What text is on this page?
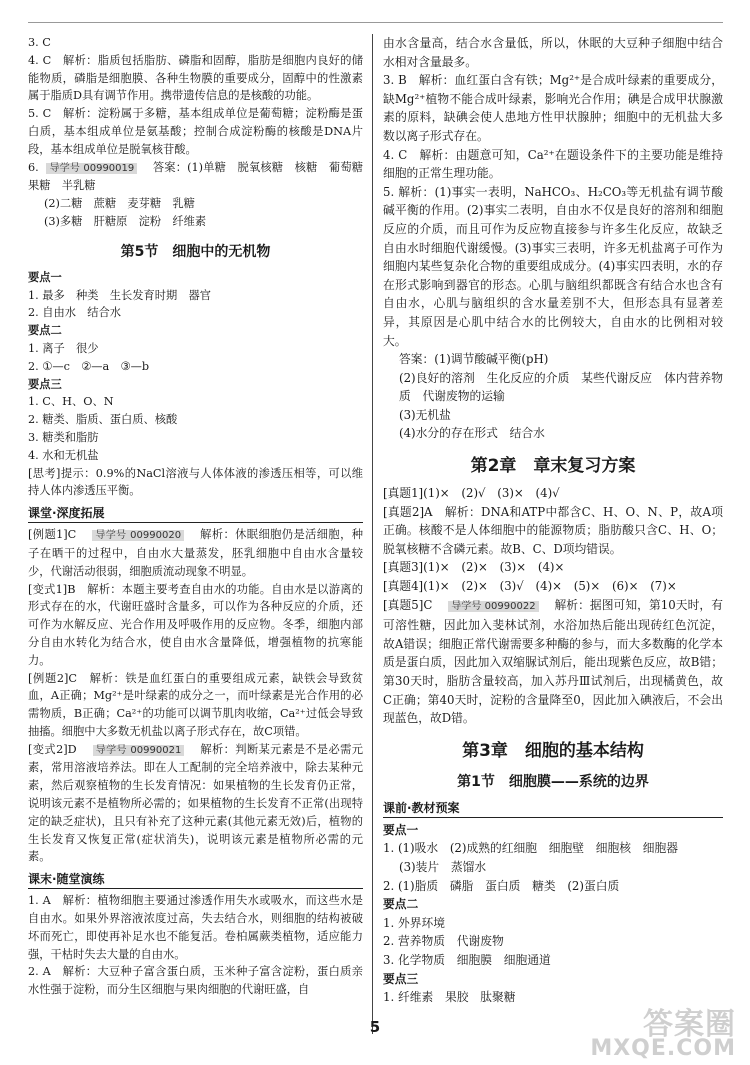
3. C

4. C　解析：脂质包括脂肪、磷脂和固醇，脂肪是细胞内良好的储能物质，磷脂是细胞膜、各种生物膜的重要成分，固醇中的性激素属于脂质D具有调节作用。携带遗传信息的是核酸的功能。

5. C　解析：淀粉属于多糖，基本组成单位是葡萄糖；淀粉酶是蛋白质，基本组成单位是氨基酸；控制合成淀粉酶的核酸是DNA片段，基本组成单位是脱氧核苷酸。

6. 导学号 00990019　答案：(1)单糖　脱氧核糖　核糖　葡萄糖　果糖　半乳糖

(2)二糖　蔗糖　麦芽糖　乳糖

(3)多糖　肝糖原　淀粉　纤维素

第5节　细胞中的无机物

要点一

1. 最多　种类　生长发育时期　器官

2. 自由水　结合水

要点二

1. 离子　很少

2. ①—c　②—a　③—b

要点三

1. C、H、O、N

2. 糖类、脂质、蛋白质、核酸

3. 糖类和脂肪

4. 水和无机盐

[思考]提示：0.9%的NaCl溶液与人体体液的渗透压相等，可以维持人体内渗透压平衡。

课堂·深度拓展

[例题1]C　导学号 00990020　解析：休眠细胞仍是活细胞，种子在晒干的过程中，自由水大量蒸发，胚乳细胞中自由水含量较少，代谢活动很弱，细胞质流动现象不明显。

[变式1]B　解析：本题主要考查自由水的功能。自由水是以游离的形式存在的水，代谢旺盛时含量多，可以作为各种反应的介质，还可作为水解反应、光合作用及呼吸作用的反应物。冬季，细胞内部分自由水转化为结合水，使自由水含量降低，增强植物的抗寒能力。

[例题2]C　解析：铁是血红蛋白的重要组成元素，缺铁会导致贫血，A正确；Mg²⁺是叶绿素的成分之一，而叶绿素是光合作用的必需物质，B正确；Ca²⁺的功能可以调节肌肉收缩，Ca²⁺过低会导致抽搐。细胞中大多数无机盐以离子形式存在，故C项错。

[变式2]D　导学号 00990021　解析：判断某元素是不是必需元素，常用溶液培养法。即在人工配制的完全培养液中，除去某种元素，然后观察植物的生长发育情况：如果植物的生长发育仍正常，说明该元素不是植物所必需的；如果植物的生长发育不正常(出现特定的缺乏症状)，且只有补充了这种元素(其他元素无效)后，植物的生长发育又恢复正常(症状消失)，说明该元素是植物所必需的元素。

课末·随堂演练

1. A　解析：植物细胞主要通过渗透作用失水或吸水，而这些水是自由水。如果外界溶液浓度过高，失去结合水，则细胞的结构被破坏而死亡，即使再补足水也不能复活。卷柏属蕨类植物，适应能力强，干枯时失去大量的自由水。

2. A　解析：大豆种子富含蛋白质，玉米种子富含淀粉，蛋白质亲水性强于淀粉，而分生区细胞与果肉细胞的代谢旺盛，自

由水含量高，结合水含量低，所以，休眠的大豆种子细胞中结合水相对含量最多。

3. B　解析：血红蛋白含有铁；Mg²⁺是合成叶绿素的重要成分，缺Mg²⁺植物不能合成叶绿素，影响光合作用；碘是合成甲状腺激素的原料，缺碘会使人患地方性甲状腺肿；细胞中的无机盐大多数以离子形式存在。

4. C　解析：由题意可知，Ca²⁺在题设条件下的主要功能是维持细胞的正常生理功能。

5. 解析：(1)事实一表明，NaHCO₃、H₂CO₃等无机盐有调节酸碱平衡的作用。(2)事实二表明，自由水不仅是良好的溶剂和细胞反应的介质，而且可作为反应物直接参与许多生化反应，故缺乏自由水时细胞代谢缓慢。(3)事实三表明，许多无机盐离子可作为细胞内某些复杂化合物的重要组成成分。(4)事实四表明，水的存在形式影响到器官的形态。心肌与脑组织都既含有结合水也含有自由水，心肌与脑组织的含水量差别不大，但形态具有显著差异，其原因是心肌中结合水的比例较大，自由水的比例相对较大。

答案：(1)调节酸碱平衡(pH)

(2)良好的溶剂　生化反应的介质　某些代谢反应　体内营养物质　代谢废物的运输

(3)无机盐

(4)水分的存在形式　结合水

第2章　章末复习方案

[真题1](1)×　(2)√　(3)×　(4)√

[真题2]A　解析：DNA和ATP中都含C、H、O、N、P，故A项正确。核酸不是人体细胞中的能源物质；脂肪酸只含C、H、O；脱氧核糖不含磷元素。故B、C、D项均错误。

[真题3](1)×　(2)×　(3)×　(4)×

[真题4](1)×　(2)×　(3)√　(4)×　(5)×　(6)×　(7)×

[真题5]C　导学号 00990022　解析：据图可知，第10天时，有可溶性糖，因此加入斐林试剂，水浴加热后能出现砖红色沉淀，故A错误；细胞正常代谢需要多种酶的参与，而大多数酶的化学本质是蛋白质，因此加入双缩脲试剂后，能出现紫色反应，故B错；第30天时，脂肪含量较高，加入苏丹Ⅲ试剂后，出现橘黄色，故C正确；第40天时，淀粉的含量降至0，因此加入碘液后，不会出现蓝色，故D错。

第3章　细胞的基本结构
第1节　细胞膜——系统的边界
课前·教材预案

要点一

1. (1)吸水　(2)成熟的红细胞　细胞壁　细胞核　细胞器

(3)装片　蒸馏水

2. (1)脂质　磷脂　蛋白质　糖类　(2)蛋白质

要点二

1. 外界环境

2. 营养物质　代谢废物

3. 化学物质　细胞膜　细胞通道

要点三

1. 纤维素　果胶　肽聚糖

5	答案圈
MXQE.COM
